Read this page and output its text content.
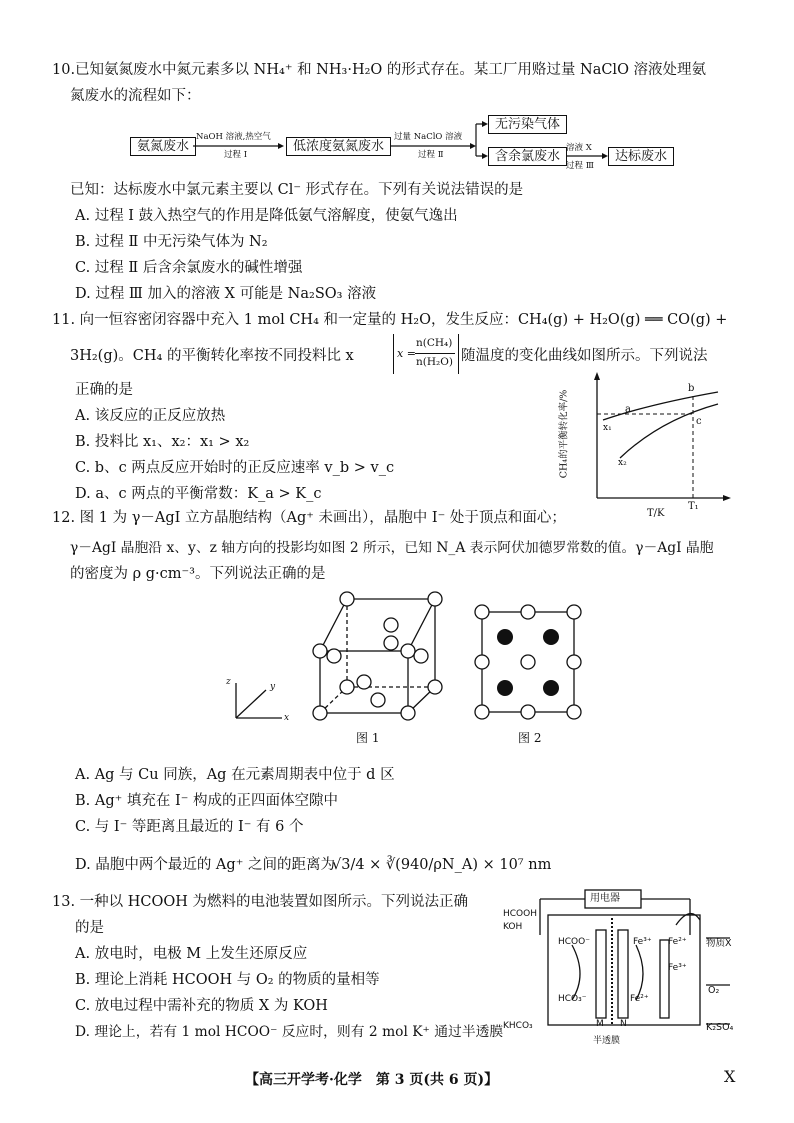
10.已知氨氮废水中氮元素多以 NH₄⁺ 和 NH₃·H₂O 的形式存在。某工厂用赂过量 NaClO 溶液处理氨
氮废水的流程如下：
氨氮废水
NaOH 溶液,热空气
过程 Ⅰ
低浓度氨氮废水
过量 NaClO 溶液
过程 Ⅱ
无污染气体
含余氯废水
溶液 X
过程 Ⅲ
达标废水
已知：达标废水中氯元素主要以 Cl⁻ 形式存在。下列有关说法错误的是
A. 过程 Ⅰ 鼓入热空气的作用是降低氨气溶解度，使氨气逸出
B. 过程 Ⅱ 中无污染气体为 N₂
C. 过程 Ⅱ 后含余氯废水的碱性增强
D. 过程 Ⅲ 加入的溶液 X 可能是 Na₂SO₃ 溶液
11. 向一恒容密闭容器中充入 1 mol CH₄ 和一定量的 H₂O，发生反应：CH₄(g) + H₂O(g) ══ CO(g) +
3H₂(g)。CH₄ 的平衡转化率按不同投料比 x	x =
n(CH₄)
n(H₂O) 随温度的变化曲线如图所示。下列说法
正确的是
A. 该反应的正反应放热
B. 投料比 x₁、x₂：x₁ > x₂
C. b、c 两点反应开始时的正反应速率 v_b > v_c
D. a、c 两点的平衡常数：K_a > K_c
CH₄的平衡转化率/%
T/K
T₁
a
b
c
x₁
x₂
12. 图 1 为 γ－AgI 立方晶胞结构（Ag⁺ 未画出），晶胞中 I⁻ 处于顶点和面心；
γ－AgI 晶胞沿 x、y、z 轴方向的投影均如图 2 所示，已知 N_A 表示阿伏加德罗常数的值。γ－AgI 晶胞
的密度为 ρ g·cm⁻³。下列说法正确的是
z	y
x
图 1	图 2
A. Ag 与 Cu 同族，Ag 在元素周期表中位于 d 区
B. Ag⁺ 填充在 I⁻ 构成的正四面体空隙中
C. 与 I⁻ 等距离且最近的 I⁻ 有 6 个
D. 晶胞中两个最近的 Ag⁺ 之间的距离为
√3/4 × ∛(940/ρN_A) × 10⁷ nm
13. 一种以 HCOOH 为燃料的电池装置如图所示。下列说法正确
的是
A. 放电时，电极 M 上发生还原反应
B. 理论上消耗 HCOOH 与 O₂ 的物质的量相等
C. 放电过程中需补充的物质 X 为 KOH
D. 理论上，若有 1 mol HCOO⁻ 反应时，则有 2 mol K⁺ 通过半透膜
用电器
HCOOH
KOH
HCOO⁻
HCO₃⁻
KHCO₃	M N
半透膜
Fe³⁺
Fe²⁺
Fe²⁺
Fe³⁺
物质X
O₂
K₂SO₄
【高三开学考·化学　第 3 页(共 6 页)】	X
